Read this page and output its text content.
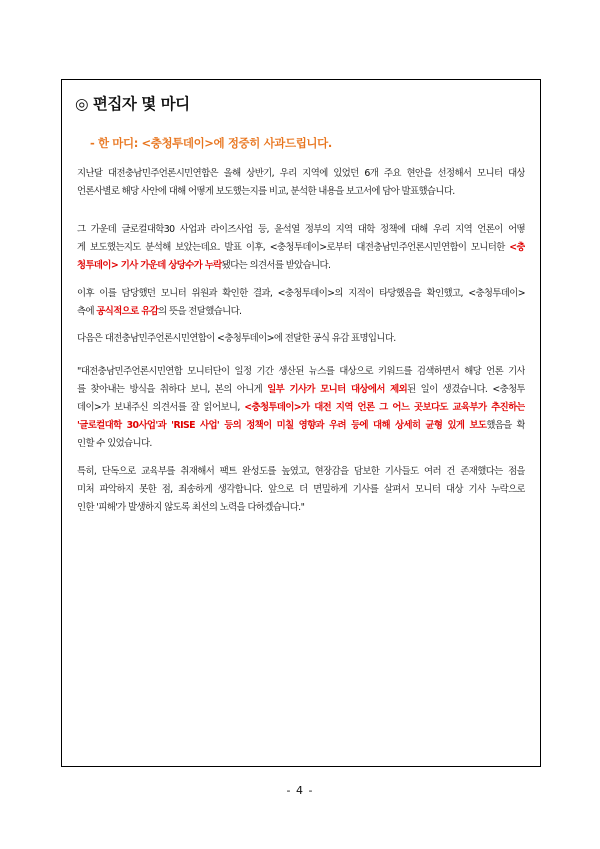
◎ 편집자 몇 마디
- 한 마디: <충청투데이>에 정중히 사과드립니다.
지난달 대전충남민주언론시민연합은 올해 상반기, 우리 지역에 있었던 6개 주요 현안을 선정해서 모니터 대상
언론사별로 해당 사안에 대해 어떻게 보도했는지를 비교, 분석한 내용을 보고서에 담아 발표했습니다.
그 가운데 글로컬대학30 사업과 라이즈사업 등, 윤석열 정부의 지역 대학 정책에 대해 우리 지역 언론이 어떻
게 보도했는지도 분석해 보았는데요. 발표 이후, <충청투데이>로부터 대전충남민주언론시민연합이 모니터한 <충
청투데이> 기사 가운데 상당수가 누락됐다는 의견서를 받았습니다.
이후 이를 담당했던 모니터 위원과 확인한 결과, <충청투데이>의 지적이 타당했음을 확인했고, <충청투데이>
측에 공식적으로 유감의 뜻을 전달했습니다.
다음은 대전충남민주언론시민연합이 <충청투데이>에 전달한 공식 유감 표명입니다.
"대전충남민주언론시민연합 모니터단이 일정 기간 생산된 뉴스를 대상으로 키워드를 검색하면서 해당 언론 기사
를 찾아내는 방식을 취하다 보니, 본의 아니게 일부 기사가 모니터 대상에서 제외된 일이 생겼습니다. <충청투
데이>가 보내주신 의견서를 잘 읽어보니, <충청투데이>가 대전 지역 언론 그 어느 곳보다도 교육부가 추진하는
'글로컬대학 30사업'과 'RISE 사업' 등의 정책이 미칠 영향과 우려 등에 대해 상세히 균형 있게 보도했음을 확
인할 수 있었습니다.
특히, 단독으로 교육부를 취재해서 팩트 완성도를 높였고, 현장감을 담보한 기사들도 여러 건 존재했다는 점을
미처 파악하지 못한 점, 죄송하게 생각합니다. 앞으로 더 면밀하게 기사를 살펴서 모니터 대상 기사 누락으로
인한 '피해'가 발생하지 않도록 최선의 노력을 다하겠습니다."
- 4 -
